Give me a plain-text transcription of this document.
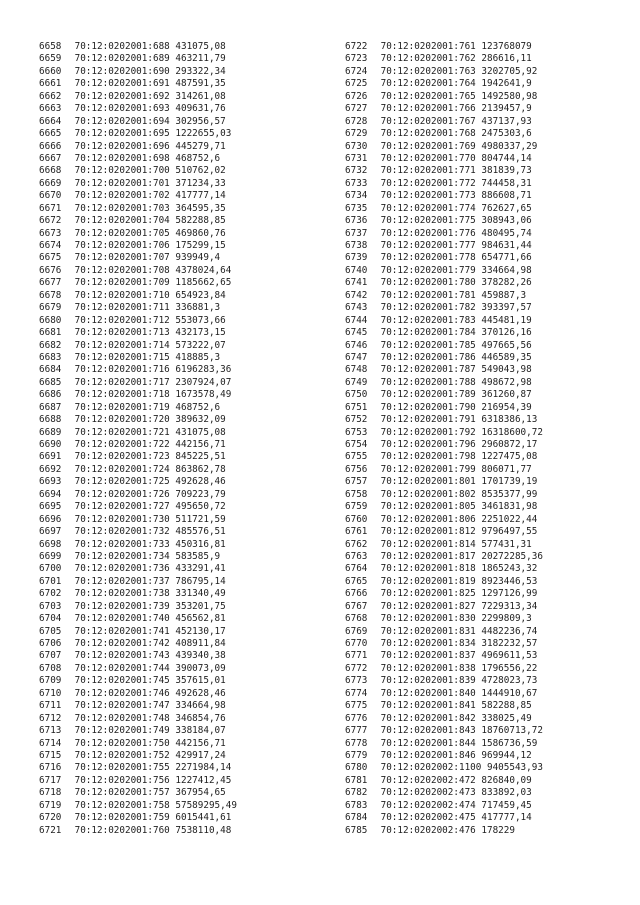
6658 70:12:0202001:688 431075,08
6659 70:12:0202001:689 463211,79
6660 70:12:0202001:690 293322,34
6661 70:12:0202001:691 487591,35
6662 70:12:0202001:692 314261,08
6663 70:12:0202001:693 409631,76
6664 70:12:0202001:694 302956,57
6665 70:12:0202001:695 1222655,03
6666 70:12:0202001:696 445279,71
6667 70:12:0202001:698 468752,6
6668 70:12:0202001:700 510762,02
6669 70:12:0202001:701 371234,33
6670 70:12:0202001:702 417777,14
6671 70:12:0202001:703 364595,35
6672 70:12:0202001:704 582288,85
6673 70:12:0202001:705 469860,76
6674 70:12:0202001:706 175299,15
6675 70:12:0202001:707 939949,4
6676 70:12:0202001:708 4378024,64
6677 70:12:0202001:709 1185662,65
6678 70:12:0202001:710 654923,84
6679 70:12:0202001:711 336881,3
6680 70:12:0202001:712 553073,66
6681 70:12:0202001:713 432173,15
6682 70:12:0202001:714 573222,07
6683 70:12:0202001:715 418885,3
6684 70:12:0202001:716 6196283,36
6685 70:12:0202001:717 2307924,07
6686 70:12:0202001:718 1673578,49
6687 70:12:0202001:719 468752,6
6688 70:12:0202001:720 389632,09
6689 70:12:0202001:721 431075,08
6690 70:12:0202001:722 442156,71
6691 70:12:0202001:723 845225,51
6692 70:12:0202001:724 863862,78
6693 70:12:0202001:725 492628,46
6694 70:12:0202001:726 709223,79
6695 70:12:0202001:727 495650,72
6696 70:12:0202001:730 511721,59
6697 70:12:0202001:732 485576,51
6698 70:12:0202001:733 450316,81
6699 70:12:0202001:734 583585,9
6700 70:12:0202001:736 433291,41
6701 70:12:0202001:737 786795,14
6702 70:12:0202001:738 331340,49
6703 70:12:0202001:739 353201,75
6704 70:12:0202001:740 456562,81
6705 70:12:0202001:741 452130,17
6706 70:12:0202001:742 408911,84
6707 70:12:0202001:743 439340,38
6708 70:12:0202001:744 390073,09
6709 70:12:0202001:745 357615,01
6710 70:12:0202001:746 492628,46
6711 70:12:0202001:747 334664,98
6712 70:12:0202001:748 346854,76
6713 70:12:0202001:749 338184,07
6714 70:12:0202001:750 442156,71
6715 70:12:0202001:752 429917,24
6716 70:12:0202001:755 2271984,14
6717 70:12:0202001:756 1227412,45
6718 70:12:0202001:757 367954,65
6719 70:12:0202001:758 57589295,49
6720 70:12:0202001:759 6015441,61
6721 70:12:0202001:760 7538110,48
6722 70:12:0202001:761 123768079
6723 70:12:0202001:762 286616,11
6724 70:12:0202001:763 3202705,92
6725 70:12:0202001:764 1942641,9
6726 70:12:0202001:765 1492580,98
6727 70:12:0202001:766 2139457,9
6728 70:12:0202001:767 437137,93
6729 70:12:0202001:768 2475303,6
6730 70:12:0202001:769 4980337,29
6731 70:12:0202001:770 804744,14
6732 70:12:0202001:771 381839,73
6733 70:12:0202001:772 744458,31
6734 70:12:0202001:773 886608,71
6735 70:12:0202001:774 762627,65
6736 70:12:0202001:775 308943,06
6737 70:12:0202001:776 480495,74
6738 70:12:0202001:777 984631,44
6739 70:12:0202001:778 654771,66
6740 70:12:0202001:779 334664,98
6741 70:12:0202001:780 378282,26
6742 70:12:0202001:781 459887,3
6743 70:12:0202001:782 393397,57
6744 70:12:0202001:783 445481,19
6745 70:12:0202001:784 370126,16
6746 70:12:0202001:785 497665,56
6747 70:12:0202001:786 446589,35
6748 70:12:0202001:787 549043,98
6749 70:12:0202001:788 498672,98
6750 70:12:0202001:789 361260,87
6751 70:12:0202001:790 216954,39
6752 70:12:0202001:791 6318386,13
6753 70:12:0202001:792 16318600,72
6754 70:12:0202001:796 2960872,17
6755 70:12:0202001:798 1227475,08
6756 70:12:0202001:799 806071,77
6757 70:12:0202001:801 1701739,19
6758 70:12:0202001:802 8535377,99
6759 70:12:0202001:805 3461831,98
6760 70:12:0202001:806 2251022,44
6761 70:12:0202001:812 9796497,55
6762 70:12:0202001:814 577431,31
6763 70:12:0202001:817 20272285,36
6764 70:12:0202001:818 1865243,32
6765 70:12:0202001:819 8923446,53
6766 70:12:0202001:825 1297126,99
6767 70:12:0202001:827 7229313,34
6768 70:12:0202001:830 2299809,3
6769 70:12:0202001:831 4482236,74
6770 70:12:0202001:834 3182232,57
6771 70:12:0202001:837 4969611,53
6772 70:12:0202001:838 1796556,22
6773 70:12:0202001:839 4728023,73
6774 70:12:0202001:840 1444910,67
6775 70:12:0202001:841 582288,85
6776 70:12:0202001:842 338025,49
6777 70:12:0202001:843 18760713,72
6778 70:12:0202001:844 1586736,59
6779 70:12:0202001:846 969944,12
6780 70:12:0202002:1100 9405543,93
6781 70:12:0202002:472 826840,09
6782 70:12:0202002:473 833892,03
6783 70:12:0202002:474 717459,45
6784 70:12:0202002:475 417777,14
6785 70:12:0202002:476 178229
